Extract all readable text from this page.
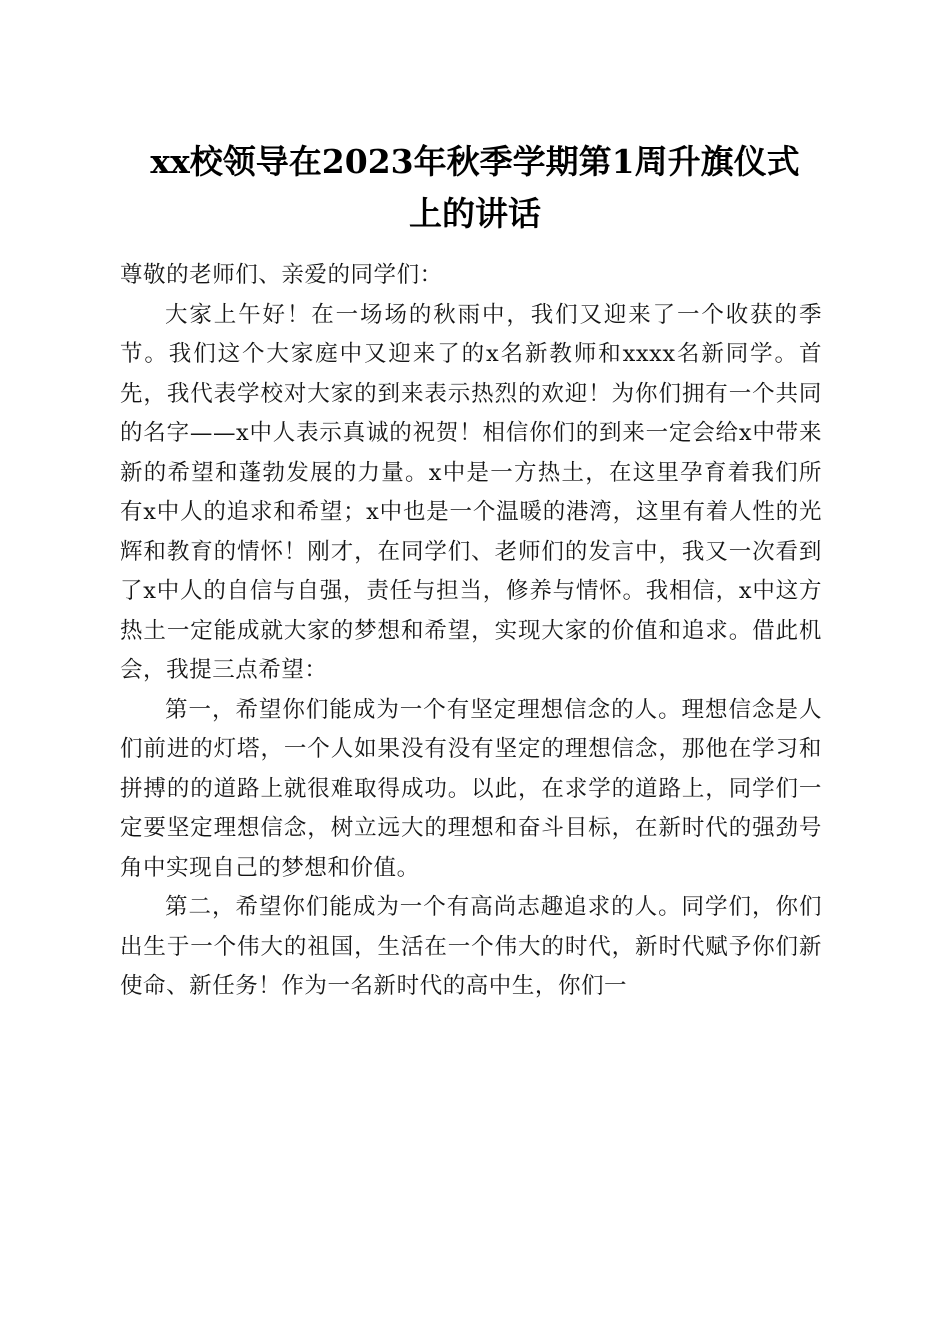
xx校领导在2023年秋季学期第1周升旗仪式
上的讲话

尊敬的老师们、亲爱的同学们：

大家上午好！在一场场的秋雨中，我们又迎来了一个收获的季节。我们这个大家庭中又迎来了的x名新教师和xxxx名新同学。首先，我代表学校对大家的到来表示热烈的欢迎！为你们拥有一个共同的名字——x中人表示真诚的祝贺！相信你们的到来一定会给x中带来新的希望和蓬勃发展的力量。x中是一方热土，在这里孕育着我们所有x中人的追求和希望；x中也是一个温暖的港湾，这里有着人性的光辉和教育的情怀！刚才，在同学们、老师们的发言中，我又一次看到了x中人的自信与自强，责任与担当，修养与情怀。我相信，x中这方热土一定能成就大家的梦想和希望，实现大家的价值和追求。借此机会，我提三点希望：

第一，希望你们能成为一个有坚定理想信念的人。理想信念是人们前进的灯塔，一个人如果没有没有坚定的理想信念，那他在学习和拼搏的的道路上就很难取得成功。以此，在求学的道路上，同学们一定要坚定理想信念，树立远大的理想和奋斗目标，在新时代的强劲号角中实现自己的梦想和价值。

第二，希望你们能成为一个有高尚志趣追求的人。同学们，你们出生于一个伟大的祖国，生活在一个伟大的时代，新时代赋予你们新使命、新任务！作为一名新时代的高中生，你们一
